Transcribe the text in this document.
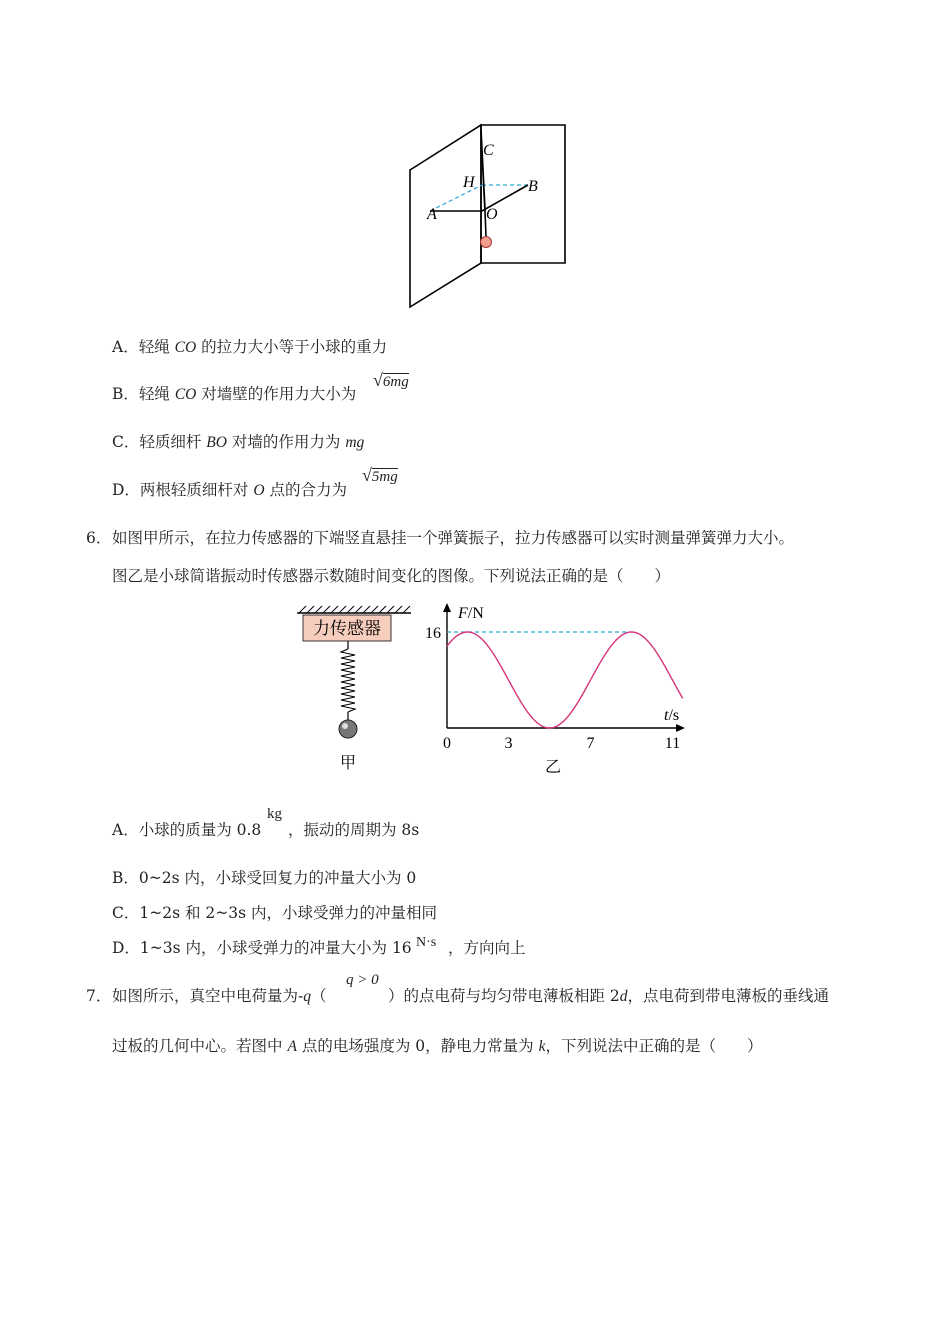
C
H	B
A	O
A．轻绳 CO 的拉力大小等于小球的重力
B．轻绳 CO 对墙壁的作用力大小为
√6mg
C．轻质细杆 BO 对墙的作用力为 mg
D．两根轻质细杆对 O 点的合力为
√5mg
6． 如图甲所示，在拉力传感器的下端竖直悬挂一个弹簧振子，拉力传感器可以实时测量弹簧弹力大小。
图乙是小球简谐振动时传感器示数随时间变化的图像。下列说法正确的是（　　）
力传感器
甲
F/N
t/s
0	3	7	11
16
乙
A．小球的质量为 0.8
kg
，振动的周期为 8s
B．0~2s 内，小球受回复力的冲量大小为 0
C．1~2s 和 2~3s 内，小球受弹力的冲量相同
D．1~3s 内，小球受弹力的冲量大小为 16 N·s ，方向向上
7． 如图所示，真空中电荷量为-q（
q > 0
）的点电荷与均匀带电薄板相距 2d，点电荷到带电薄板的垂线通
过板的几何中心。若图中 A 点的电场强度为 0，静电力常量为 k，下列说法中正确的是（　　）
